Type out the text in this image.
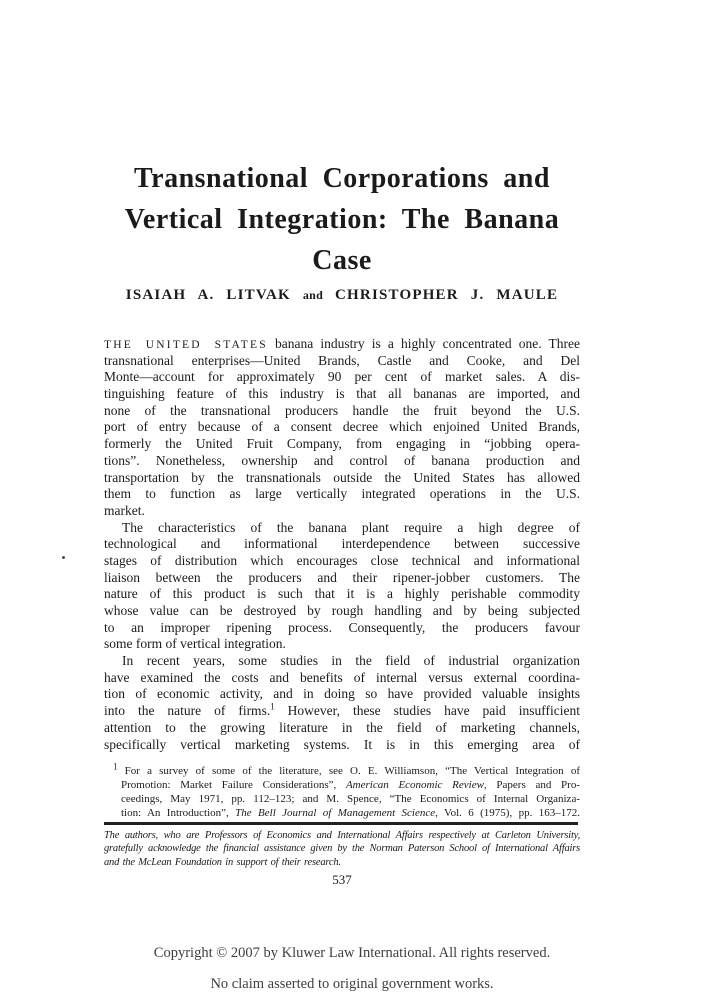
Transnational Corporations and
Vertical Integration: The Banana
Case
ISAIAH A. LITVAK and CHRISTOPHER J. MAULE
THE UNITED STATES banana industry is a highly concentrated one. Three
transnational enterprises—United Brands, Castle and Cooke, and Del
Monte—account for approximately 90 per cent of market sales. A dis-
tinguishing feature of this industry is that all bananas are imported, and
none of the transnational producers handle the fruit beyond the U.S.
port of entry because of a consent decree which enjoined United Brands,
formerly the United Fruit Company, from engaging in “jobbing opera-
tions”. Nonetheless, ownership and control of banana production and
transportation by the transnationals outside the United States has allowed
them to function as large vertically integrated operations in the U.S.
market.
The characteristics of the banana plant require a high degree of
technological and informational interdependence between successive
stages of distribution which encourages close technical and informational
liaison between the producers and their ripener-jobber customers. The
nature of this product is such that it is a highly perishable commodity
whose value can be destroyed by rough handling and by being subjected
to an improper ripening process. Consequently, the producers favour
some form of vertical integration.
In recent years, some studies in the field of industrial organization
have examined the costs and benefits of internal versus external coordina-
tion of economic activity, and in doing so have provided valuable insights
into the nature of firms.$^1$ However, these studies have paid insufficient
attention to the growing literature in the field of marketing channels,
specifically vertical marketing systems. It is in this emerging area of
$^1$ For a survey of some of the literature, see O. E. Williamson, “The Vertical Integration of
Promotion: Market Failure Considerations”, American Economic Review, Papers and Pro-
ceedings, May 1971, pp. 112–123; and M. Spence, “The Economics of Internal Organiza-
tion: An Introduction”, The Bell Journal of Management Science, Vol. 6 (1975), pp. 163–172.
The authors, who are Professors of Economics and International Affairs respectively at Carleton University,
gratefully acknowledge the financial assistance given by the Norman Paterson School of International Affairs
and the McLean Foundation in support of their research.
537
Copyright © 2007 by Kluwer Law International. All rights reserved.
No claim asserted to original government works.
